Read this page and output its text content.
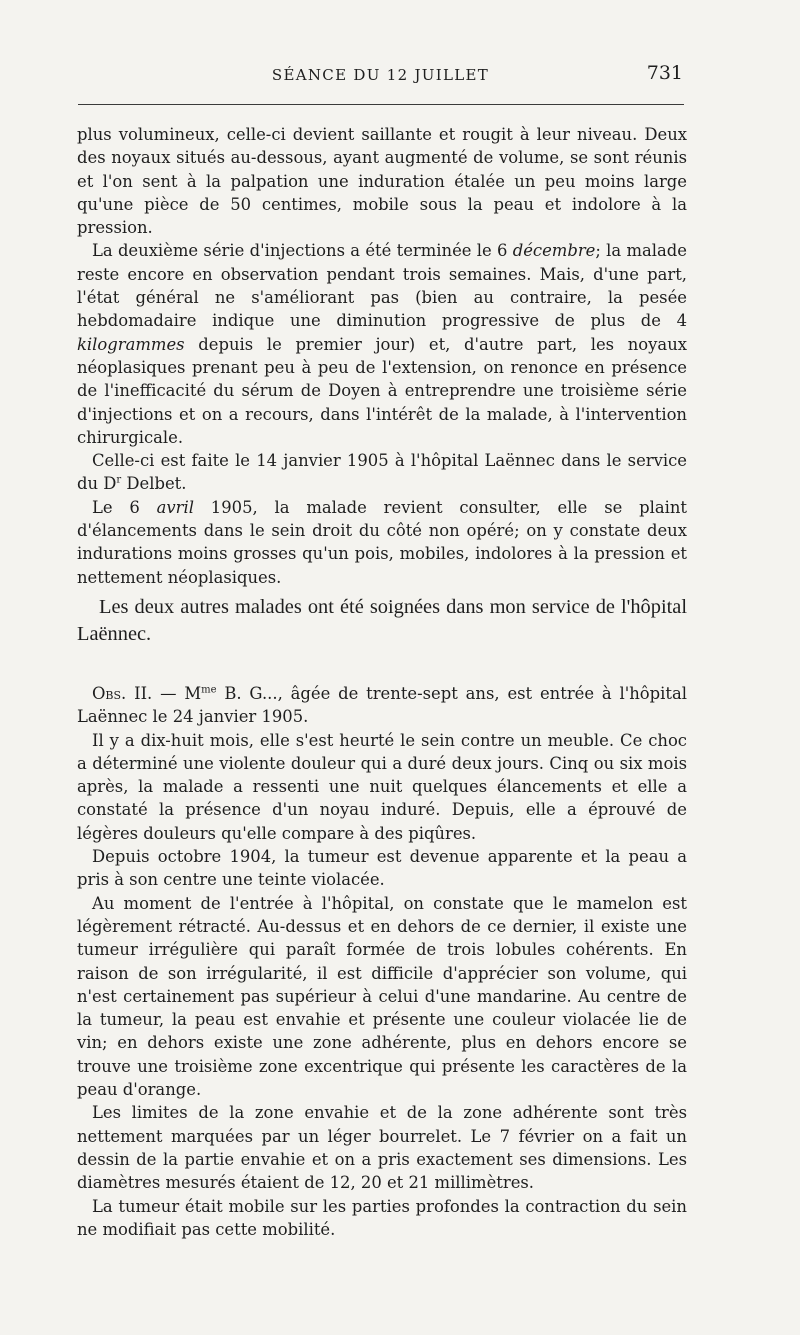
SÉANCE DU 12 JUILLET	731

plus volumineux, celle-ci devient saillante et rougit à leur niveau. Deux des noyaux situés au-dessous, ayant augmenté de volume, se sont réunis et l'on sent à la palpation une induration étalée un peu moins large qu'une pièce de 50 centimes, mobile sous la peau et indolore à la pression.

La deuxième série d'injections a été terminée le 6 décembre; la malade reste encore en observation pendant trois semaines. Mais, d'une part, l'état général ne s'améliorant pas (bien au contraire, la pesée hebdomadaire indique une diminution progressive de plus de 4 kilogrammes depuis le premier jour) et, d'autre part, les noyaux néoplasiques prenant peu à peu de l'extension, on renonce en présence de l'inefficacité du sérum de Doyen à entreprendre une troisième série d'injections et on a recours, dans l'intérêt de la malade, à l'intervention chirurgicale.

Celle-ci est faite le 14 janvier 1905 à l'hôpital Laënnec dans le service du $D^r$ Delbet.

Le 6 avril 1905, la malade revient consulter, elle se plaint d'élancements dans le sein droit du côté non opéré; on y constate deux indurations moins grosses qu'un pois, mobiles, indolores à la pression et nettement néoplasiques.

Les deux autres malades ont été soignées dans mon service de l'hôpital Laënnec.

Obs. II. — $M^{me}$ B. G..., âgée de trente-sept ans, est entrée à l'hôpital Laënnec le 24 janvier 1905.

Il y a dix-huit mois, elle s'est heurté le sein contre un meuble. Ce choc a déterminé une violente douleur qui a duré deux jours. Cinq ou six mois après, la malade a ressenti une nuit quelques élancements et elle a constaté la présence d'un noyau induré. Depuis, elle a éprouvé de légères douleurs qu'elle compare à des piqûres.

Depuis octobre 1904, la tumeur est devenue apparente et la peau a pris à son centre une teinte violacée.

Au moment de l'entrée à l'hôpital, on constate que le mamelon est légèrement rétracté. Au-dessus et en dehors de ce dernier, il existe une tumeur irrégulière qui paraît formée de trois lobules cohérents. En raison de son irrégularité, il est difficile d'apprécier son volume, qui n'est certainement pas supérieur à celui d'une mandarine. Au centre de la tumeur, la peau est envahie et présente une couleur violacée lie de vin; en dehors existe une zone adhérente, plus en dehors encore se trouve une troisième zone excentrique qui présente les caractères de la peau d'orange.

Les limites de la zone envahie et de la zone adhérente sont très nettement marquées par un léger bourrelet. Le 7 février on a fait un dessin de la partie envahie et on a pris exactement ses dimensions. Les diamètres mesurés étaient de 12, 20 et 21 millimètres.

La tumeur était mobile sur les parties profondes la contraction du sein ne modifiait pas cette mobilité.
